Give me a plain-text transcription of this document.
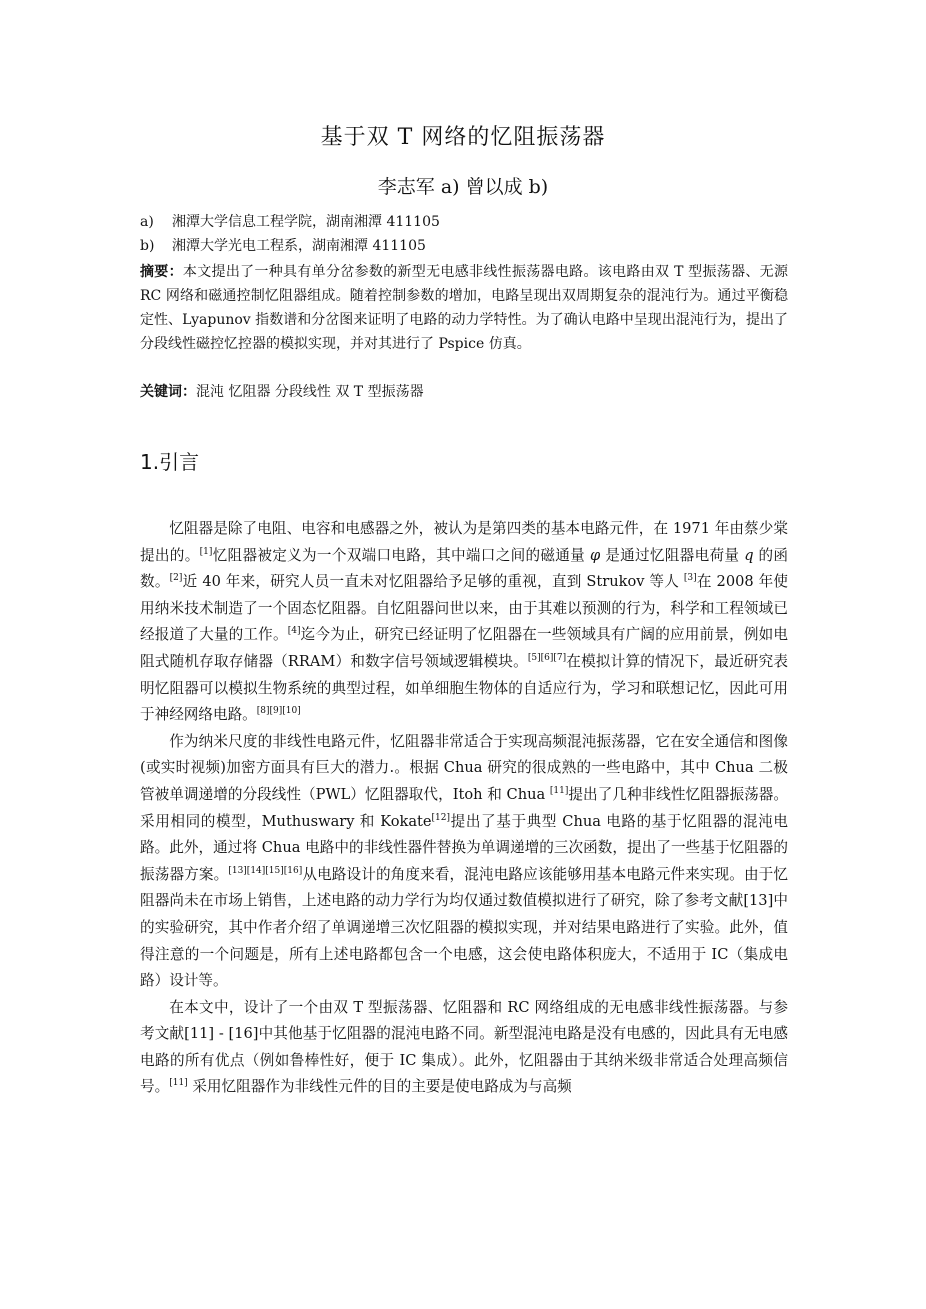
基于双 T 网络的忆阻振荡器
李志军 a) 曾以成 b)
a) 湘潭大学信息工程学院，湖南湘潭 411105
b) 湘潭大学光电工程系，湖南湘潭 411105
摘要：本文提出了一种具有单分岔参数的新型无电感非线性振荡器电路。该电路由双 T 型振荡器、无源 RC 网络和磁通控制忆阻器组成。随着控制参数的增加，电路呈现出双周期复杂的混沌行为。通过平衡稳定性、Lyapunov 指数谱和分岔图来证明了电路的动力学特性。为了确认电路中呈现出混沌行为，提出了分段线性磁控忆控器的模拟实现，并对其进行了 Pspice 仿真。
关键词：混沌 忆阻器 分段线性 双 T 型振荡器
1.引言

忆阻器是除了电阻、电容和电感器之外，被认为是第四类的基本电路元件，在 1971 年由蔡少棠提出的。[1]忆阻器被定义为一个双端口电路，其中端口之间的磁通量 φ 是通过忆阻器电荷量 q 的函数。[2]近 40 年来，研究人员一直未对忆阻器给予足够的重视，直到 Strukov 等人 [3]在 2008 年使用纳米技术制造了一个固态忆阻器。自忆阻器问世以来，由于其难以预测的行为，科学和工程领域已经报道了大量的工作。[4]迄今为止，研究已经证明了忆阻器在一些领域具有广阔的应用前景，例如电阻式随机存取存储器（RRAM）和数字信号领域逻辑模块。[5][6][7]在模拟计算的情况下，最近研究表明忆阻器可以模拟生物系统的典型过程，如单细胞生物体的自适应行为，学习和联想记忆，因此可用于神经网络电路。[8][9][10]

作为纳米尺度的非线性电路元件，忆阻器非常适合于实现高频混沌振荡器，它在安全通信和图像(或实时视频)加密方面具有巨大的潜力.。根据 Chua 研究的很成熟的一些电路中，其中 Chua 二极管被单调递增的分段线性（PWL）忆阻器取代，Itoh 和 Chua [11]提出了几种非线性忆阻器振荡器。采用相同的模型，Muthuswary 和 Kokate[12]提出了基于典型 Chua 电路的基于忆阻器的混沌电路。此外，通过将 Chua 电路中的非线性器件替换为单调递增的三次函数，提出了一些基于忆阻器的振荡器方案。[13][14][15][16]从电路设计的角度来看，混沌电路应该能够用基本电路元件来实现。由于忆阻器尚未在市场上销售，上述电路的动力学行为均仅通过数值模拟进行了研究，除了参考文献[13]中的实验研究，其中作者介绍了单调递增三次忆阻器的模拟实现，并对结果电路进行了实验。此外，值得注意的一个问题是，所有上述电路都包含一个电感，这会使电路体积庞大，不适用于 IC（集成电路）设计等。

在本文中，设计了一个由双 T 型振荡器、忆阻器和 RC 网络组成的无电感非线性振荡器。与参考文献[11] - [16]中其他基于忆阻器的混沌电路不同。新型混沌电路是没有电感的，因此具有无电感电路的所有优点（例如鲁棒性好，便于 IC 集成）。此外，忆阻器由于其纳米级非常适合处理高频信号。[11] 采用忆阻器作为非线性元件的目的主要是使电路成为与高频
